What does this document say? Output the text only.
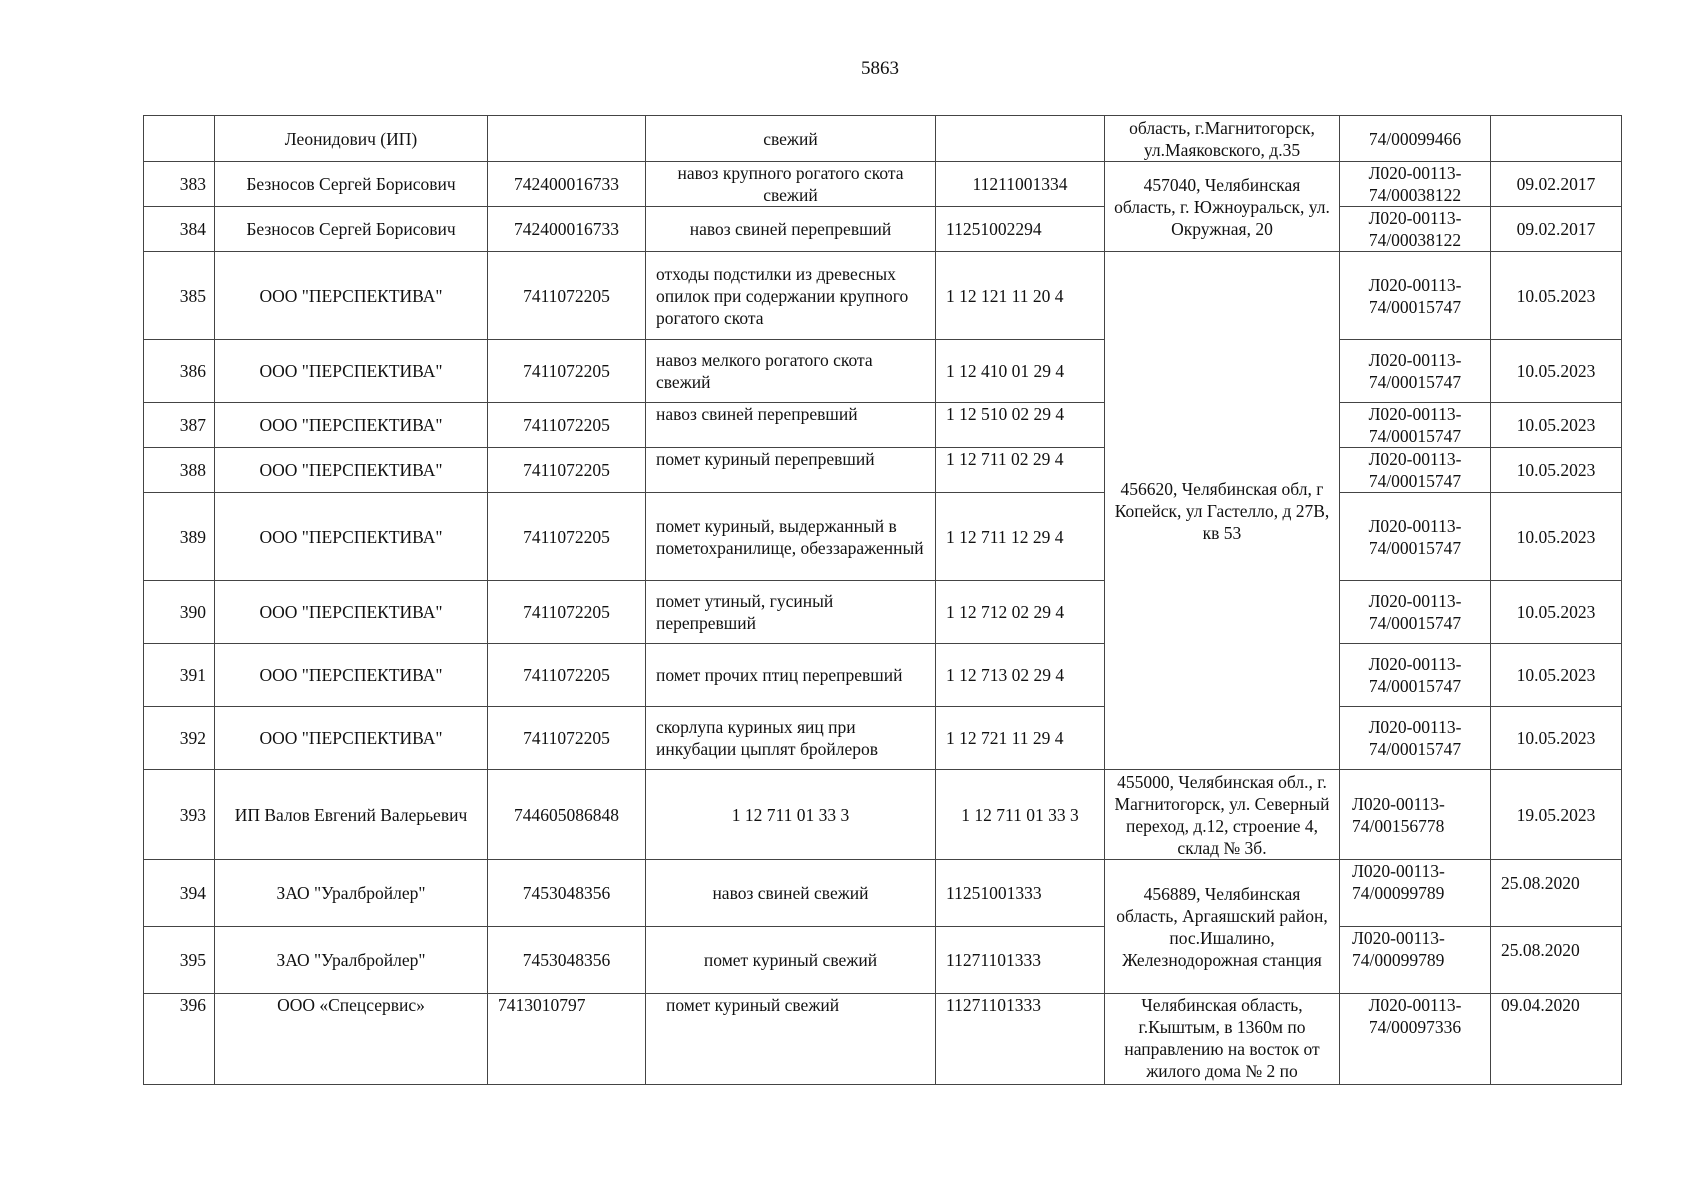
5863
	Леонидович (ИП)		свежий		область, г.Магнитогорск, ул.Маяковского, д.35	74/00099466	
383	Безносов Сергей Борисович	742400016733	навоз крупного рогатого скота свежий	11211001334	457040, Челябинская область, г. Южноуральск, ул. Окружная, 20	Л020-00113-74/00038122	09.02.2017
384	Безносов Сергей Борисович	742400016733	навоз свиней перепревший	11251002294		Л020-00113-74/00038122	09.02.2017
385	ООО "ПЕРСПЕКТИВА"	7411072205	отходы подстилки из древесных опилок при содержании крупного рогатого скота	1 12 121 11 20 4	456620, Челябинская обл, г Копейск, ул Гастелло, д 27В, кв 53	Л020-00113-74/00015747	10.05.2023
386	ООО "ПЕРСПЕКТИВА"	7411072205	навоз мелкого рогатого скота свежий	1 12 410 01 29 4		Л020-00113-74/00015747	10.05.2023
387	ООО "ПЕРСПЕКТИВА"	7411072205	навоз свиней перепревший	1 12 510 02 29 4		Л020-00113-74/00015747	10.05.2023
388	ООО "ПЕРСПЕКТИВА"	7411072205	помет куриный перепревший	1 12 711 02 29 4		Л020-00113-74/00015747	10.05.2023
389	ООО "ПЕРСПЕКТИВА"	7411072205	помет куриный, выдержанный в пометохранилище, обеззараженный	1 12 711 12 29 4		Л020-00113-74/00015747	10.05.2023
390	ООО "ПЕРСПЕКТИВА"	7411072205	помет утиный, гусиный перепревший	1 12 712 02 29 4		Л020-00113-74/00015747	10.05.2023
391	ООО "ПЕРСПЕКТИВА"	7411072205	помет прочих птиц перепревший	1 12 713 02 29 4		Л020-00113-74/00015747	10.05.2023
392	ООО "ПЕРСПЕКТИВА"	7411072205	скорлупа куриных яиц при инкубации цыплят бройлеров	1 12 721 11 29 4		Л020-00113-74/00015747	10.05.2023
393	ИП Валов Евгений Валерьевич	744605086848	1 12 711 01 33 3	1 12 711 01 33 3	455000, Челябинская обл., г. Магнитогорск, ул. Северный переход, д.12, строение 4, склад № 3б.	Л020-00113-74/00156778	19.05.2023
394	ЗАО "Уралбройлер"	7453048356	навоз свиней свежий	11251001333	456889, Челябинская область, Аргаяшский район, пос.Ишалино, Железнодорожная станция	Л020-00113-74/00099789	25.08.2020
395	ЗАО "Уралбройлер"	7453048356	помет куриный свежий	11271101333		Л020-00113-74/00099789	25.08.2020
396	ООО «Спецсервис»	7413010797	помет куриный свежий	11271101333	Челябинская область, г.Кыштым, в 1360м по направлению на восток от жилого дома № 2 по	Л020-00113-74/00097336	09.04.2020
